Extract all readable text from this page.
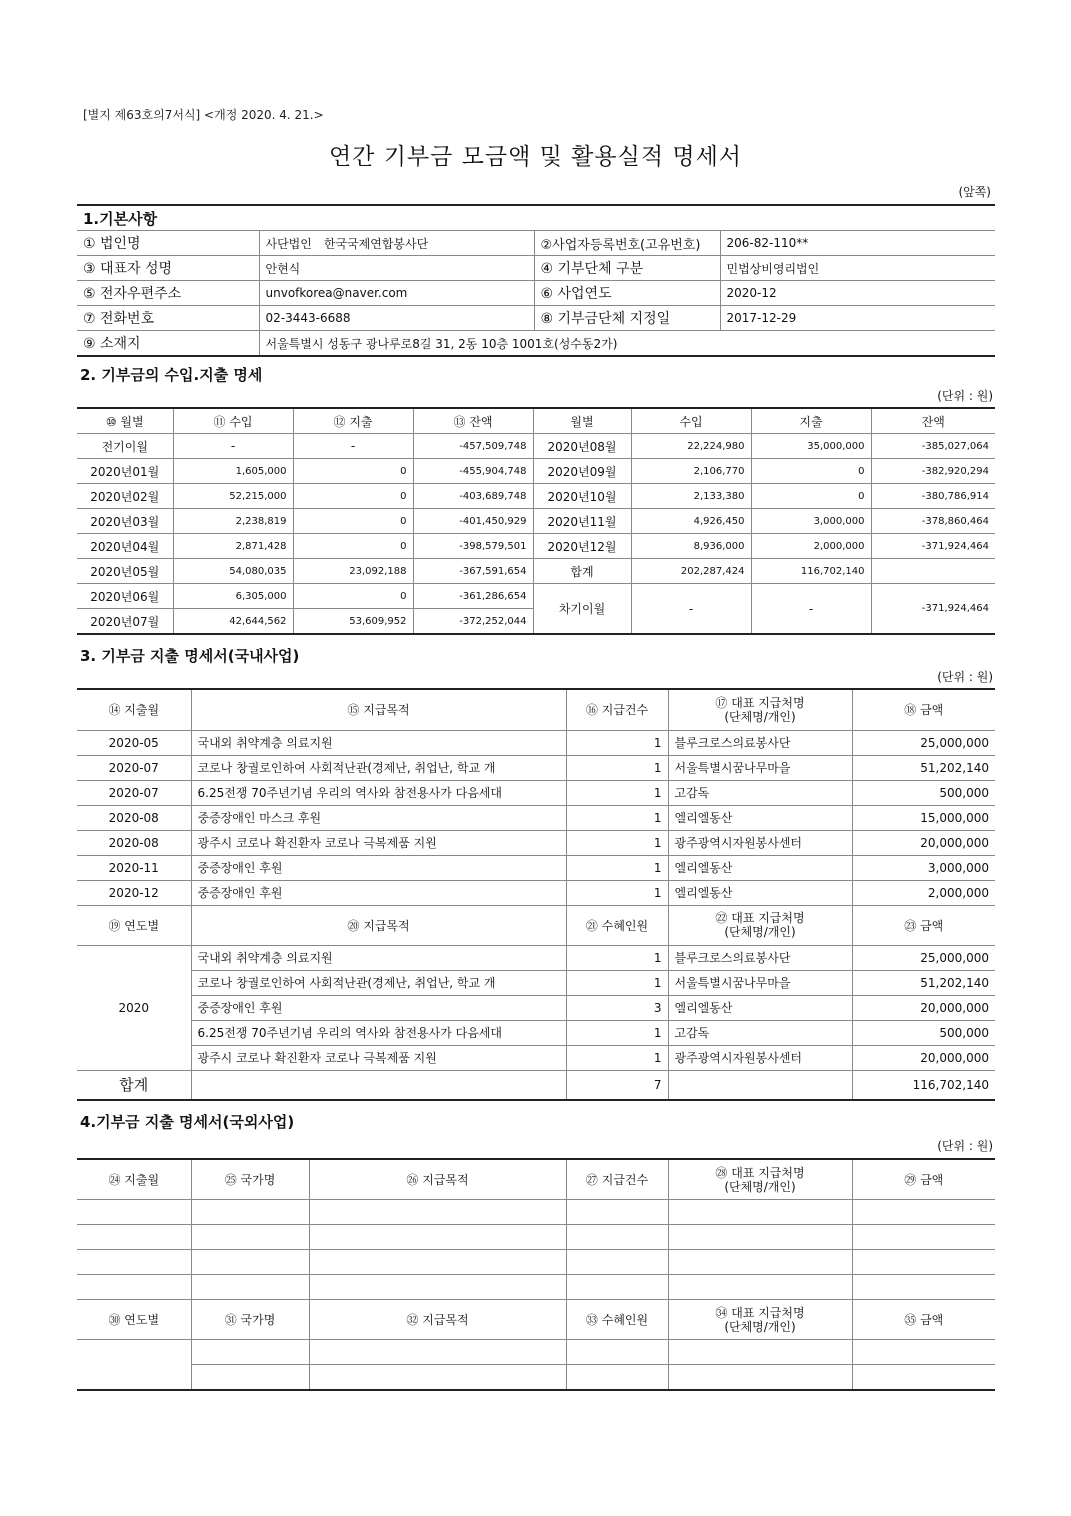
[별지 제63호의7서식] <개정 2020. 4. 21.>
연간 기부금 모금액 및 활용실적 명세서
(앞쪽)
1.기본사항			
① 법인명	사단법인　한국국제연합봉사단	②사업자등록번호(고유번호)	206-82-110**
③ 대표자 성명	안현식	④ 기부단체 구분	민법상비영리법인
⑤ 전자우편주소	unvofkorea@naver.com	⑥ 사업연도	2020-12
⑦ 전화번호	02-3443-6688	⑧ 기부금단체 지정일	2017-12-29
⑨ 소재지	서울특별시 성동구 광나루로8길 31, 2동 10층 1001호(성수동2가)		
2. 기부금의 수입.지출 명세
(단위 : 원)
⑩ 월별	⑪ 수입	⑫ 지출	⑬ 잔액	월별	수입	지출	잔액
전기이월	-	-	-457,509,748	2020년08월	22,224,980	35,000,000	-385,027,064
2020년01월	1,605,000	0	-455,904,748	2020년09월	2,106,770	0	-382,920,294
2020년02월	52,215,000	0	-403,689,748	2020년10월	2,133,380	0	-380,786,914
2020년03월	2,238,819	0	-401,450,929	2020년11월	4,926,450	3,000,000	-378,860,464
2020년04월	2,871,428	0	-398,579,501	2020년12월	8,936,000	2,000,000	-371,924,464
2020년05월	54,080,035	23,092,188	-367,591,654	합계	202,287,424	116,702,140	
2020년06월	6,305,000	0	-361,286,654	차기이월	-	-	-371,924,464
2020년07월	42,644,562	53,609,952	-372,252,044				
3. 기부금 지출 명세서(국내사업)
(단위 : 원)
⑭ 지출월	⑮ 지급목적	⑯ 지급건수	⑰ 대표 지급처명
(단체명/개인)	⑱ 금액
2020-05	국내외 취약계층 의료지원	1	블루크로스의료봉사단	25,000,000
2020-07	코로나 창궐로인하여 사회적난관(경제난, 취업난, 학교 개	1	서울특별시꿈나무마을	51,202,140
2020-07	6.25전쟁 70주년기념 우리의 역사와 참전용사가 다음세대	1	고감독	500,000
2020-08	중증장애인 마스크 후원	1	엘리엘동산	15,000,000
2020-08	광주시 코로나 확진환자 코로나 극복제품 지원	1	광주광역시자원봉사센터	20,000,000
2020-11	중증장애인 후원	1	엘리엘동산	3,000,000
2020-12	중증장애인 후원	1	엘리엘동산	2,000,000
⑲ 연도별	⑳ 지급목적	㉑ 수혜인원	㉒ 대표 지급처명
(단체명/개인)	㉓ 금액
2020	국내외 취약계층 의료지원	1	블루크로스의료봉사단	25,000,000
	코로나 창궐로인하여 사회적난관(경제난, 취업난, 학교 개	1	서울특별시꿈나무마을	51,202,140
	중증장애인 후원	3	엘리엘동산	20,000,000
	6.25전쟁 70주년기념 우리의 역사와 참전용사가 다음세대	1	고감독	500,000
	광주시 코로나 확진환자 코로나 극복제품 지원	1	광주광역시자원봉사센터	20,000,000
합계		7		116,702,140
4.기부금 지출 명세서(국외사업)
(단위 : 원)
㉔ 지출월	㉕ 국가명	㉖ 지급목적	㉗ 지급건수	㉘ 대표 지급처명
(단체명/개인)	㉙ 금액

㉚ 연도별	㉛ 국가명	㉜ 지급목적	㉝ 수혜인원	㉞ 대표 지급처명
(단체명/개인)	㉟ 금액
